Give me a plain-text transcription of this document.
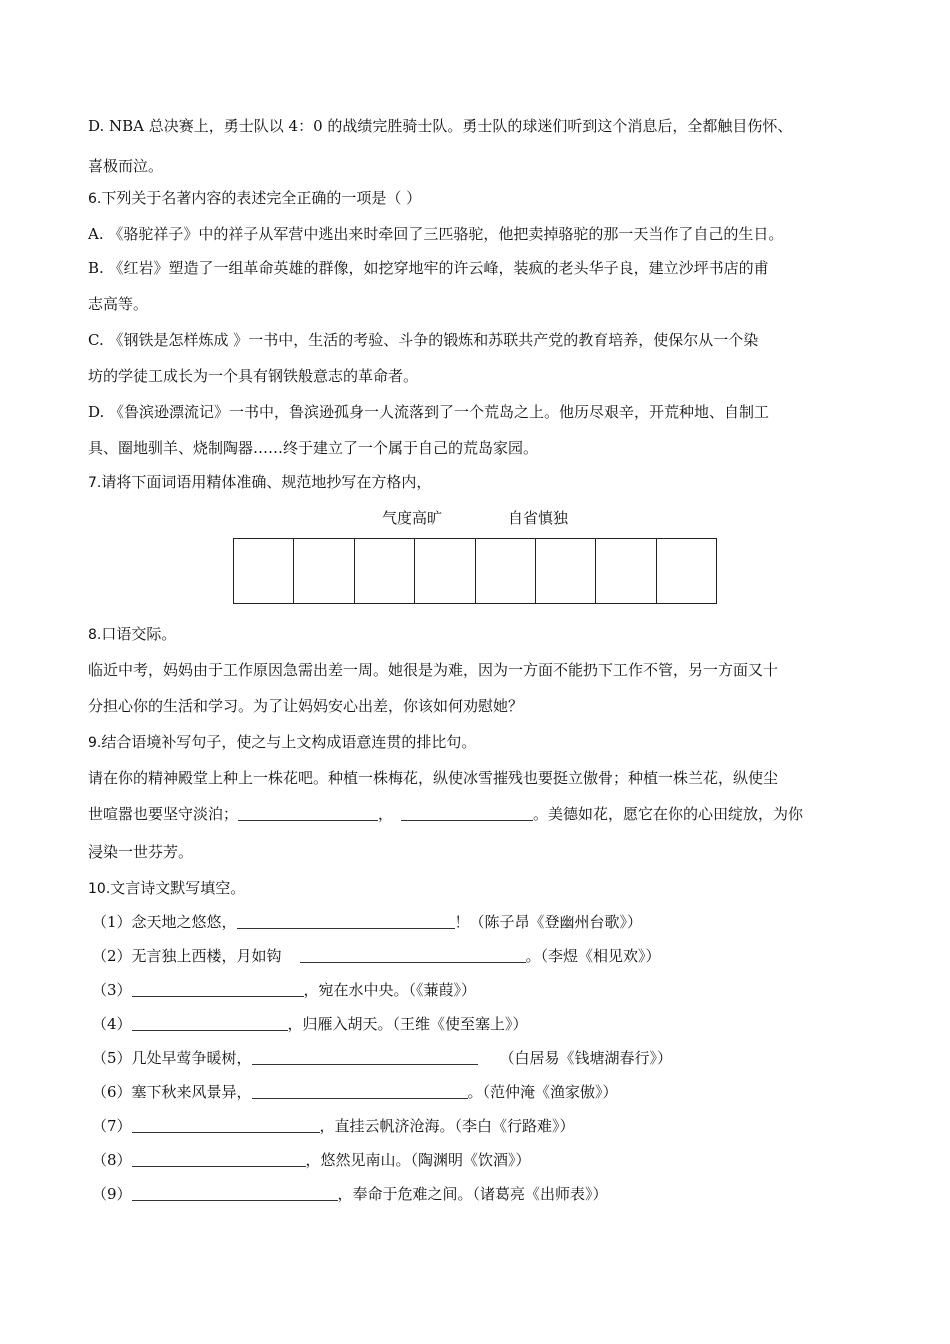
D. NBA 总决赛上，勇士队以 4：0 的战绩完胜骑士队。勇士队的球迷们听到这个消息后，全都触目伤怀、
喜极而泣。
6.下列关于名著内容的表述完全正确的一项是（ ）
A. 《骆驼祥子》中的祥子从军营中逃出来时牵回了三匹骆驼，他把卖掉骆驼的那一天当作了自己的生日。
B. 《红岩》塑造了一组革命英雄的群像，如挖穿地牢的许云峰，装疯的老头华子良，建立沙坪书店的甫
志高等。
C. 《钢铁是怎样炼成 》一书中，生活的考验、斗争的锻炼和苏联共产党的教育培养，使保尔从一个染
坊的学徒工成长为一个具有钢铁般意志的革命者。
D. 《鲁滨逊漂流记》一书中，鲁滨逊孤身一人流落到了一个荒岛之上。他历尽艰辛，开荒种地、自制工
具、圈地驯羊、烧制陶器……终于建立了一个属于自己的荒岛家园。
7.请将下面词语用精体准确、规范地抄写在方格内，
气度高旷	自省慎独
8.口语交际。
临近中考，妈妈由于工作原因急需出差一周。她很是为难，因为一方面不能扔下工作不管，另一方面又十
分担心你的生活和学习。为了让妈妈安心出差，你该如何劝慰她？
9.结合语境补写句子，使之与上文构成语意连贯的排比句。
请在你的精神殿堂上种上一株花吧。种植一株梅花，纵使冰雪摧残也要挺立傲骨；种植一株兰花，纵使尘
世喧嚣也要坚守淡泊；	，	。美德如花，愿它在你的心田绽放，为你
浸染一世芬芳。
10.文言诗文默写填空。
（1）念天地之悠悠，	！（陈子昂《登幽州台歌》）
（2）无言独上西楼，月如钩	。（李煜《相见欢》）
（3）	，宛在水中央。（《蒹葭》）
（4）	，归雁入胡天。（王维《使至塞上》）
（5）几处早莺争暖树，	（白居易《钱塘湖春行》）
（6）塞下秋来风景异，	。（范仲淹《渔家傲》）
（7）	，直挂云帆济沧海。（李白《行路难》）
（8）	，悠然见南山。（陶渊明《饮酒》）
（9）	，奉命于危难之间。（诸葛亮《出师表》）
